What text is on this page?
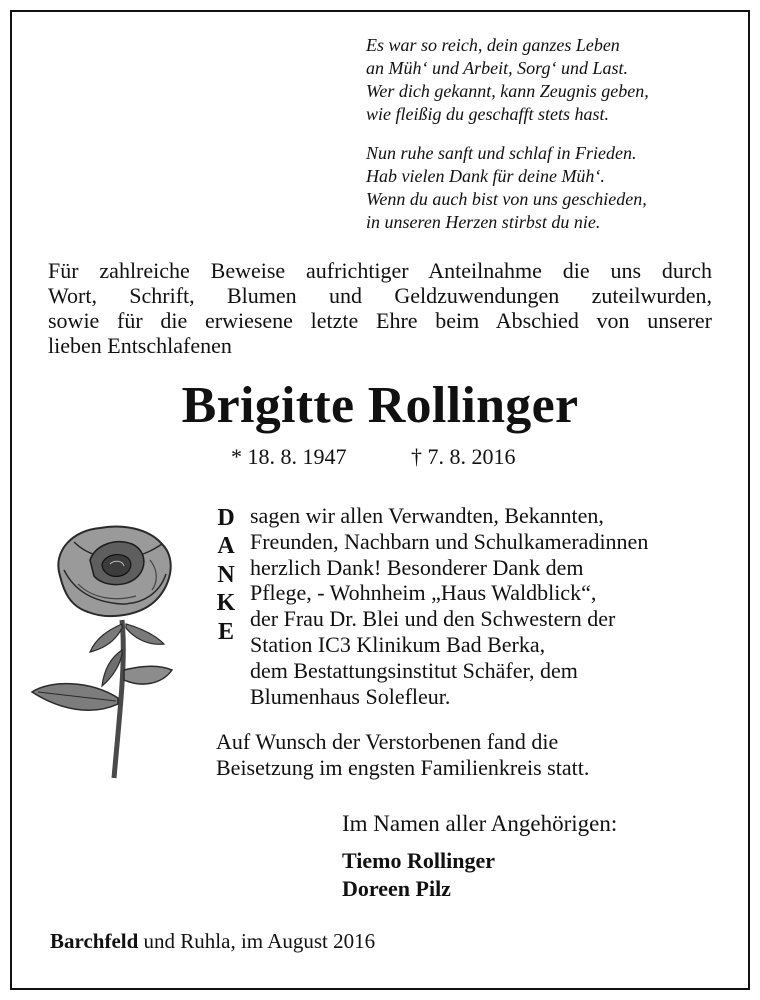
Es war so reich, dein ganzes Leben
an Müh‘ und Arbeit, Sorg‘ und Last.
Wer dich gekannt, kann Zeugnis geben,
wie fleißig du geschafft stets hast.
Nun ruhe sanft und schlaf in Frieden.
Hab vielen Dank für deine Müh‘.
Wenn du auch bist von uns geschieden,
in unseren Herzen stirbst du nie.
Für zahlreiche Beweise aufrichtiger Anteilnahme die uns durch
Wort, Schrift, Blumen und Geldzuwendungen zuteilwurden,
sowie für die erwiesene letzte Ehre beim Abschied von unserer
lieben Entschlafenen
Brigitte Rollinger
* 18. 8. 1947	† 7. 8. 2016
D
A
N
K
E
sagen wir allen Verwandten, Bekannten,
Freunden, Nachbarn und Schulkameradinnen
herzlich Dank! Besonderer Dank dem
Pflege, - Wohnheim „Haus Waldblick“,
der Frau Dr. Blei und den Schwestern der
Station IC3 Klinikum Bad Berka,
dem Bestattungsinstitut Schäfer, dem
Blumenhaus Solefleur.
Auf Wunsch der Verstorbenen fand die
Beisetzung im engsten Familienkreis statt.
Im Namen aller Angehörigen:
Tiemo Rollinger
Doreen Pilz
Barchfeld und Ruhla, im August 2016
